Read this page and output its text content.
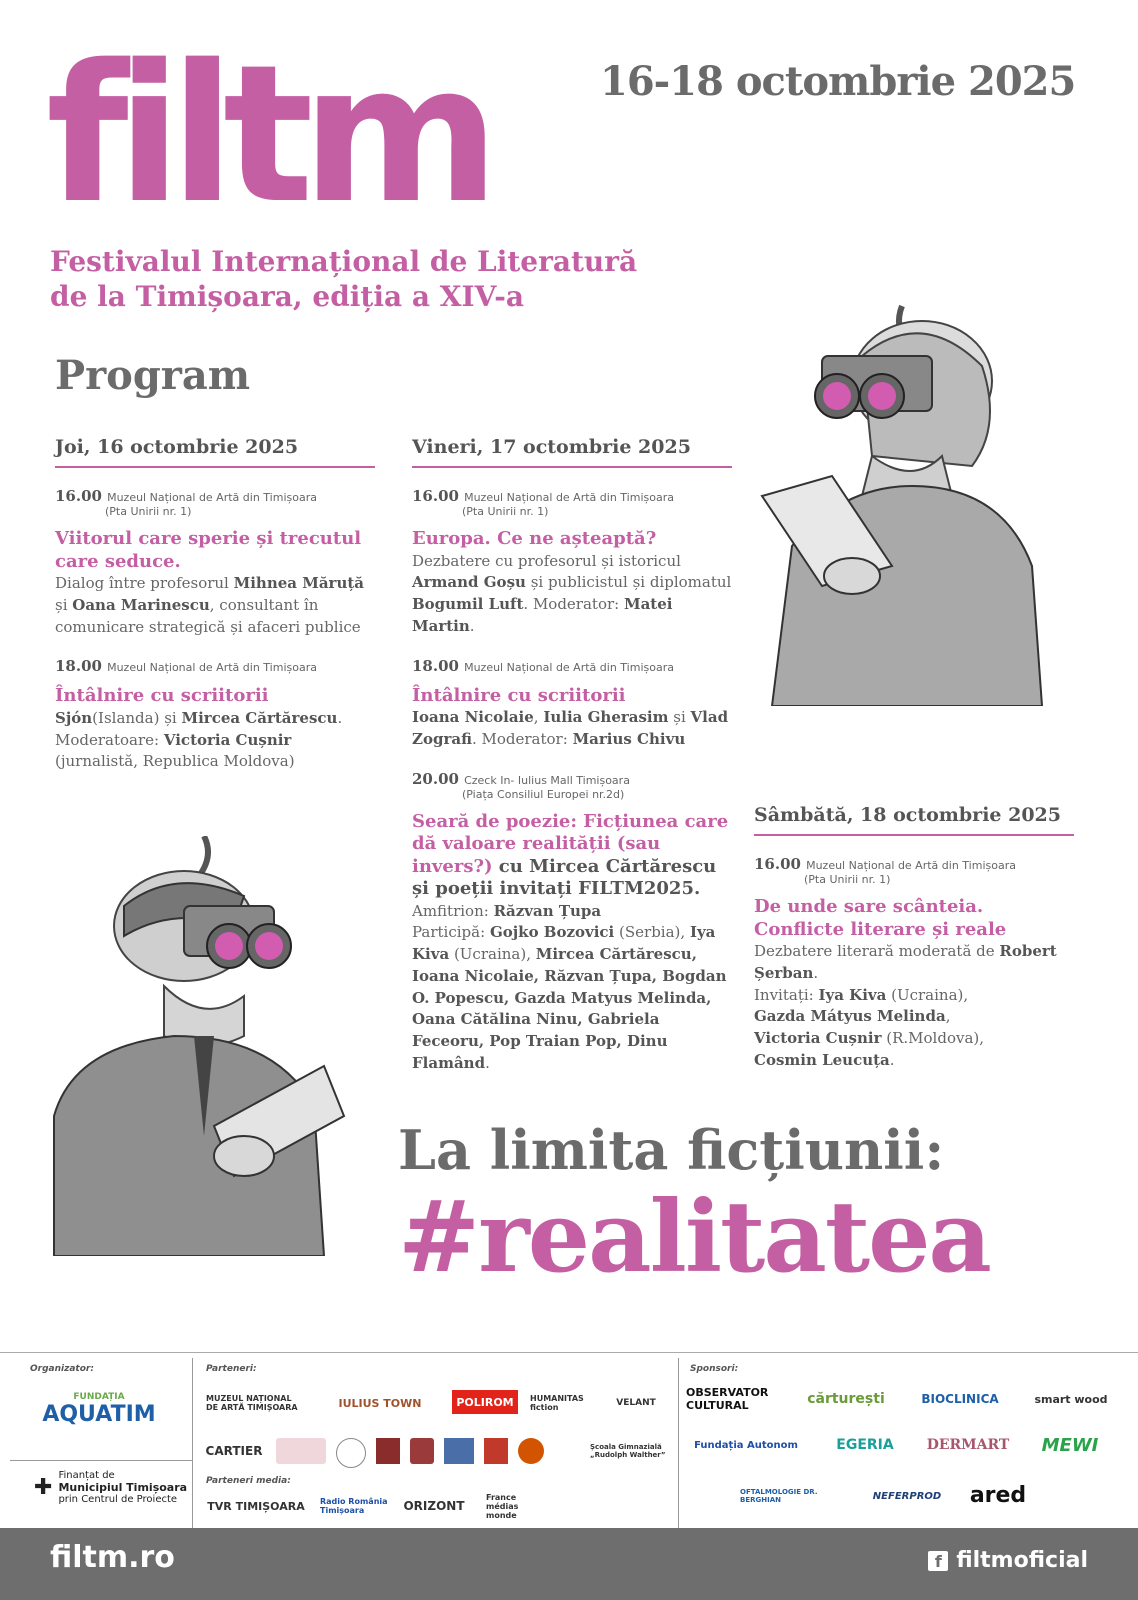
filtm	16-18 octombrie 2025
Festivalul Internațional de Literatură
de la Timișoara, ediția a XIV-a
Program
Joi, 16 octombrie 2025
16.00 Muzeul Național de Artă din Timișoara
(Pta Unirii nr. 1)
Viitorul care sperie și trecutul care seduce.
Dialog între profesorul Mihnea Măruță și Oana Marinescu, consultant în comunicare strategică și afaceri publice
18.00 Muzeul Național de Artă din Timișoara
Întâlnire cu scriitorii
Sjón(Islanda) și Mircea Cărtărescu. Moderatoare: Victoria Cușnir (jurnalistă, Republica Moldova)
Vineri, 17 octombrie 2025
16.00 Muzeul Național de Artă din Timișoara
(Pta Unirii nr. 1)
Europa. Ce ne așteaptă?
Dezbatere cu profesorul și istoricul Armand Goșu și publicistul și diplomatul Bogumil Luft. Moderator: Matei Martin.
18.00 Muzeul Național de Artă din Timișoara
Întâlnire cu scriitorii
Ioana Nicolaie, Iulia Gherasim și Vlad Zografi. Moderator: Marius Chivu
20.00 Czeck In- Iulius Mall Timișoara
(Piața Consiliul Europei nr.2d)
Seară de poezie: Ficțiunea care dă valoare realității (sau invers?) cu Mircea Cărtărescu și poeții invitați FILTM2025.
Amfitrion: Răzvan Țupa
Participă: Gojko Bozovici (Serbia), Iya Kiva (Ucraina), Mircea Cărtărescu, Ioana Nicolaie, Răzvan Țupa, Bogdan O. Popescu, Gazda Matyus Melinda, Oana Cătălina Ninu, Gabriela Feceoru, Pop Traian Pop, Dinu Flamând.
Sâmbătă, 18 octombrie 2025
16.00 Muzeul Național de Artă din Timișoara
(Pta Unirii nr. 1)
De unde sare scânteia. Conflicte literare și reale
Dezbatere literară moderată de Robert Șerban.
Invitați: Iya Kiva (Ucraina),
Gazda Mátyus Melinda,
Victoria Cușnir (R.Moldova),
Cosmin Leucuța.
La limita ficțiunii:
#realitatea
Organizator:
FUNDAȚIA
AQUATIM
✚ Finanțat de
Municipiul Timișoara
prin Centrul de Proiecte
Parteneri:
MUZEUL NAȚIONAL DE ARTĂ TIMIȘOARA	IULIUS TOWN	POLIROM	HUMANITAS fiction	VELANT
CARTIER	Școala Gimnazială „Rudolph Walther”
Parteneri media:
TVR TIMIȘOARA Radio România Timișoara	ORIZONT
France médias monde
Sponsori:
OBSERVATOR CULTURAL	cărturești	BIOCLINICA	smart wood
Fundația Autonom	EGERIA	DERMART	MEWI
OFTALMOLOGIE DR. BERGHIAN	NEFERPROD	ared
filtm.ro	f filtmoficial
